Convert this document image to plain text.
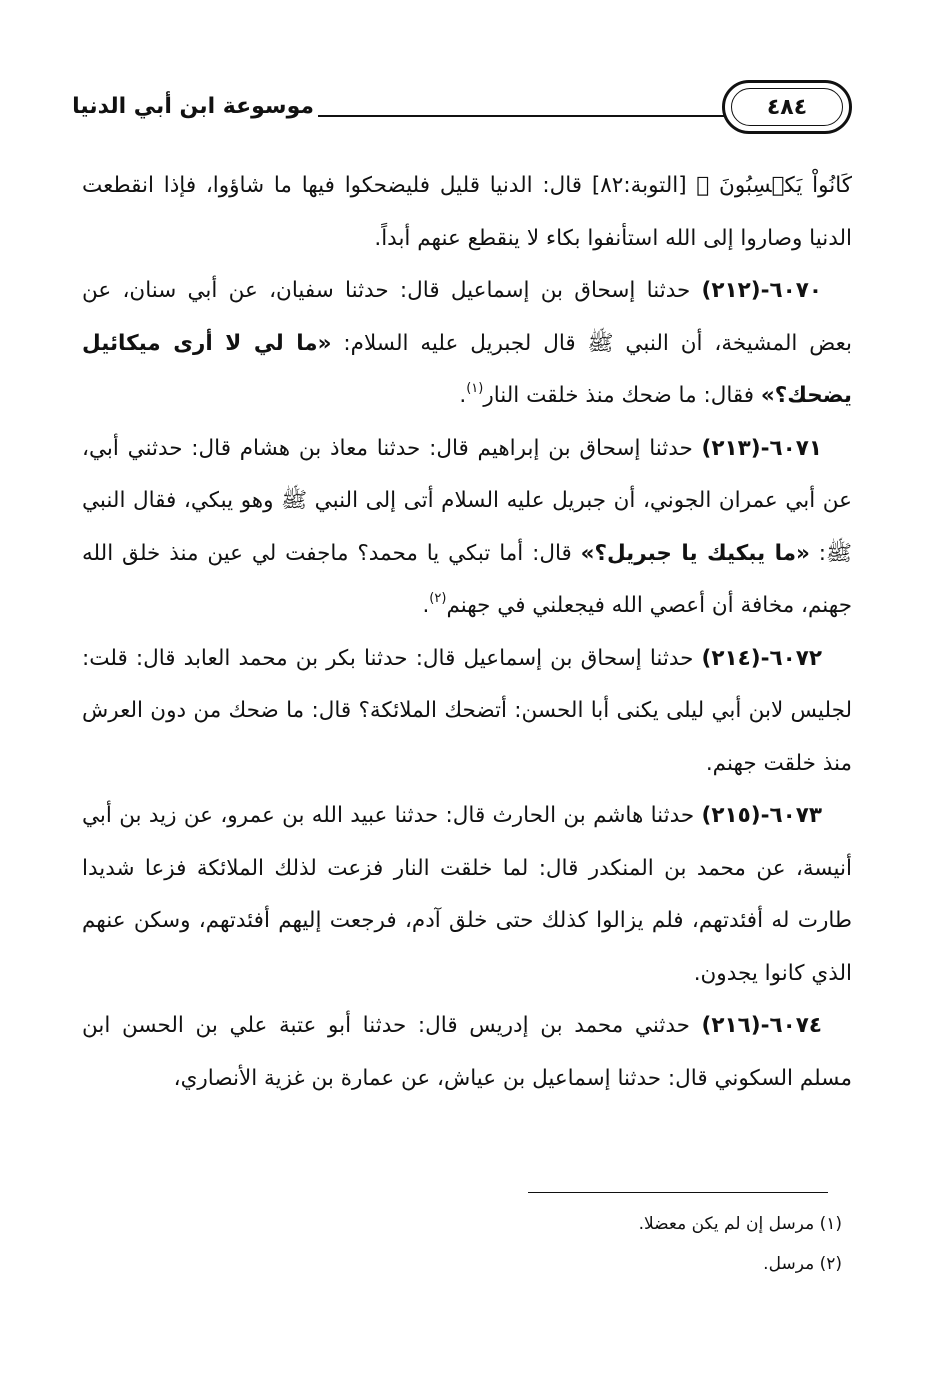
٤٨٤
موسوعة ابن أبي الدنيا

كَانُواْ يَكۡسِبُونَ ﴾ [التوبة:٨٢] قال: الدنيا قليل فليضحكوا فيها ما شاؤوا، فإذا انقطعت الدنيا وصاروا إلى الله استأنفوا بكاء لا ينقطع عنهم أبداً.

٦٠٧٠-(٢١٢) حدثنا إسحاق بن إسماعيل قال: حدثنا سفيان، عن أبي سنان، عن بعض المشيخة، أن النبي ﷺ قال لجبريل عليه السلام: «ما لي لا أرى ميكائيل يضحك؟» فقال: ما ضحك منذ خلقت النار$^{(١)}$.

٦٠٧١-(٢١٣) حدثنا إسحاق بن إبراهيم قال: حدثنا معاذ بن هشام قال: حدثني أبي، عن أبي عمران الجوني، أن جبريل عليه السلام أتى إلى النبي ﷺ وهو يبكي، فقال النبي ﷺ: «ما يبكيك يا جبريل؟» قال: أما تبكي يا محمد؟ ماجفت لي عين منذ خلق الله جهنم، مخافة أن أعصي الله فيجعلني في جهنم$^{(٢)}$.

٦٠٧٢-(٢١٤) حدثنا إسحاق بن إسماعيل قال: حدثنا بكر بن محمد العابد قال: قلت: لجليس لابن أبي ليلى يكنى أبا الحسن: أتضحك الملائكة؟ قال: ما ضحك من دون العرش منذ خلقت جهنم.

٦٠٧٣-(٢١٥) حدثنا هاشم بن الحارث قال: حدثنا عبيد الله بن عمرو، عن زيد بن أبي أنيسة، عن محمد بن المنكدر قال: لما خلقت النار فزعت لذلك الملائكة فزعا شديدا طارت له أفئدتهم، فلم يزالوا كذلك حتى خلق آدم، فرجعت إليهم أفئدتهم، وسكن عنهم الذي كانوا يجدون.

٦٠٧٤-(٢١٦) حدثني محمد بن إدريس قال: حدثنا أبو عتبة علي بن الحسن ابن مسلم السكوني قال: حدثنا إسماعيل بن عياش، عن عمارة بن غزية الأنصاري،

(١) مرسل إن لم يكن معضلا.

(٢) مرسل.
